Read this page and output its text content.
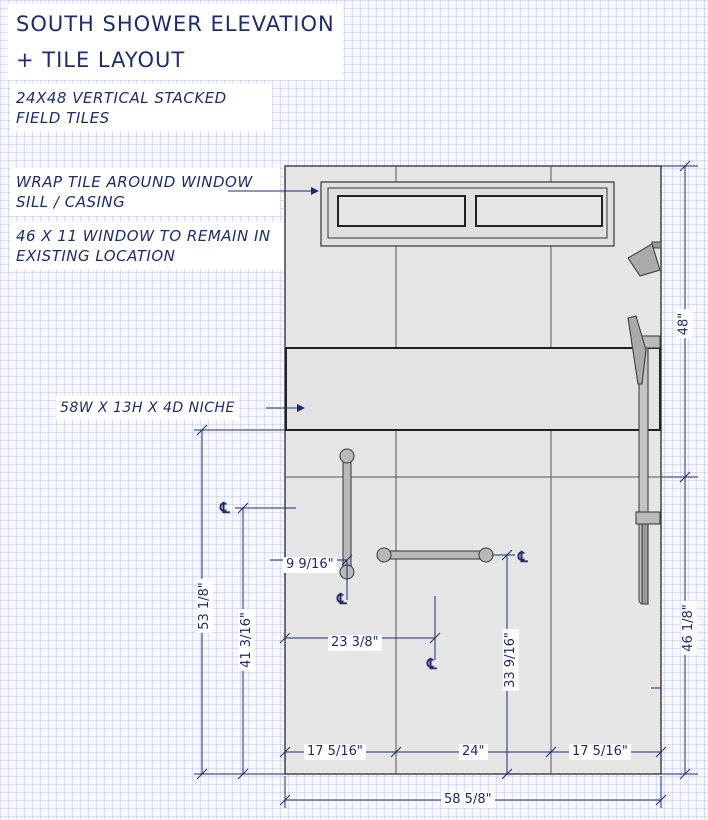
SOUTH SHOWER ELEVATION
+ TILE LAYOUT
24X48 VERTICAL STACKED FIELD TILES
WRAP TILE AROUND WINDOW SILL / CASING
46 X 11 WINDOW TO REMAIN IN EXISTING LOCATION
58W X 13H X 4D NICHE
17 5/16"	24"	17 5/16"
58 5/8"
48"
46 1/8"
53 1/8"
41 3/16"
9 9/16"
23 3/8"	33 9/16"
℄
℄
℄
℄
